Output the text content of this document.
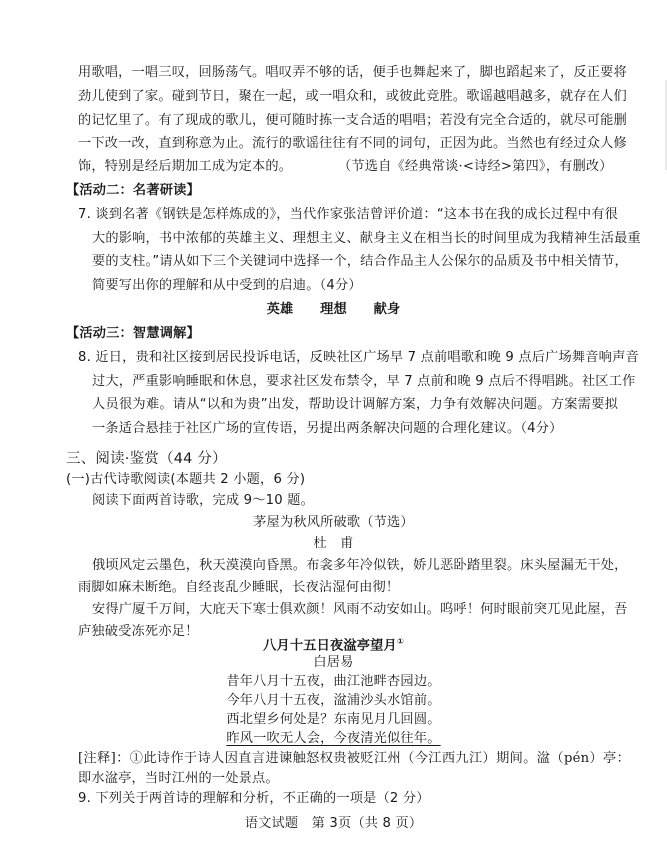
用歌唱，一唱三叹，回肠荡气。唱叹弄不够的话，便手也舞起来了，脚也蹈起来了，反正要将
劲儿使到了家。碰到节日，聚在一起，或一唱众和，或彼此竞胜。歌谣越唱越多，就存在人们
的记忆里了。有了现成的歌儿，便可随时拣一支合适的唱唱；若没有完全合适的，就尽可能删
一下改一改，直到称意为止。流行的歌谣往往有不同的词句，正因为此。当然也有经过众人修
饰，特别是经后期加工成为定本的。	（节选自《经典常谈·<诗经>第四》，有删改）
【活动二：名著研读】
7. 谈到名著《钢铁是怎样炼成的》，当代作家张洁曾评价道：“这本书在我的成长过程中有很
大的影响，书中浓郁的英雄主义、理想主义、献身主义在相当长的时间里成为我精神生活最重
要的支柱。”请从如下三个关键词中选择一个，结合作品主人公保尔的品质及书中相关情节，
简要写出你的理解和从中受到的启迪。（4分）
英雄　　理想　　献身
【活动三：智慧调解】
8. 近日，贵和社区接到居民投诉电话，反映社区广场早 7 点前唱歌和晚 9 点后广场舞音响声音
过大，严重影响睡眠和休息，要求社区发布禁令，早 7 点前和晚 9 点后不得唱跳。社区工作
人员很为难。请从“以和为贵”出发，帮助设计调解方案，力争有效解决问题。方案需要拟
一条适合悬挂于社区广场的宣传语，另提出两条解决问题的合理化建议。（4分）
三、阅读·鉴赏（44 分）
(一)古代诗歌阅读(本题共 2 小题，6 分)
阅读下面两首诗歌，完成 9～10 题。
茅屋为秋风所破歌（节选）
杜　甫
俄顷风定云墨色，秋天漠漠向昏黑。布衾多年冷似铁，娇儿恶卧踏里裂。床头屋漏无干处，
雨脚如麻未断绝。自经丧乱少睡眠，长夜沾湿何由彻！
安得广厦千万间，大庇天下寒士俱欢颜！风雨不动安如山。呜呼！何时眼前突兀见此屋，吾
庐独破受冻死亦足！
八月十五日夜湓亭望月①
白居易
昔年八月十五夜，曲江池畔杏园边。
今年八月十五夜，湓浦沙头水馆前。
西北望乡何处是？东南见月几回圆。
昨风一吹无人会，今夜清光似往年。
[注释]：①此诗作于诗人因直言进谏触怒权贵被贬江州（今江西九江）期间。湓（pén）亭：
即水湓亭，当时江州的一处景点。
9. 下列关于两首诗的理解和分析，不正确的一项是（2 分）
语文试题　第 3页（共 8 页）
